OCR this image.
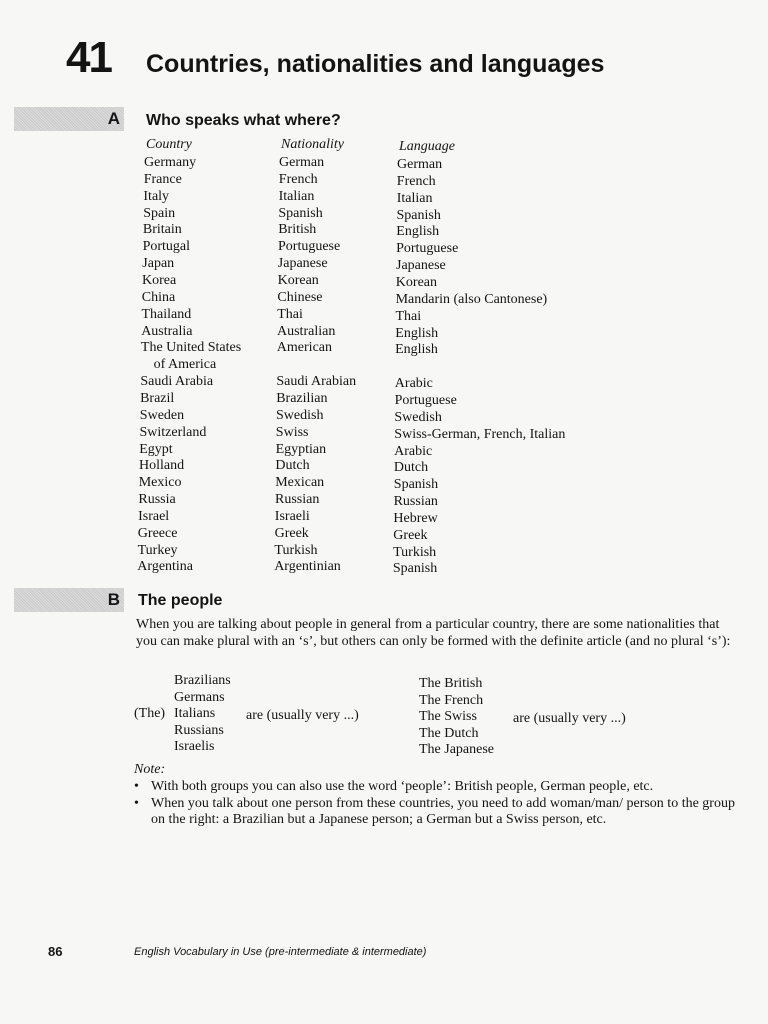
41 Countries, nationalities and languages
A Who speaks what where?
Country	Nationality	Language
Germany	German	German
France	French	French
Italy	Italian	Italian
Spain	Spanish	Spanish
Britain	British	English
Portugal	Portuguese	Portuguese
Japan	Japanese	Japanese
Korea	Korean	Korean
China	Chinese	Mandarin (also Cantonese)
Thailand	Thai	Thai
Australia	Australian	English
The United States	American	English
of America
Saudi Arabia	Saudi Arabian	Arabic
Brazil	Brazilian	Portuguese
Sweden	Swedish	Swedish
Switzerland	Swiss	Swiss-German, French, Italian
Egypt	Egyptian	Arabic
Holland	Dutch	Dutch
Mexico	Mexican	Spanish
Russia	Russian	Russian
Israel	Israeli	Hebrew
Greece	Greek	Greek
Turkey	Turkish	Turkish
Argentina	Argentinian	Spanish
B The people
When you are talking about people in general from a particular country, there are some nationalities that you can make plural with an ‘s’, but others can only be formed with the definite article (and no plural ‘s’):
Brazilians
Germans
Italians
Russians
Israelis
(The)	are (usually very ...)
The British
The French
The Swiss
The Dutch
The Japanese
are (usually very ...)
Note:
• With both groups you can also use the word ‘people’: British people, German people, etc.
• When you talk about one person from these countries, you need to add woman/man/ person to the group on the right: a Brazilian but a Japanese person; a German but a Swiss person, etc.
86	English Vocabulary in Use (pre-intermediate & intermediate)
